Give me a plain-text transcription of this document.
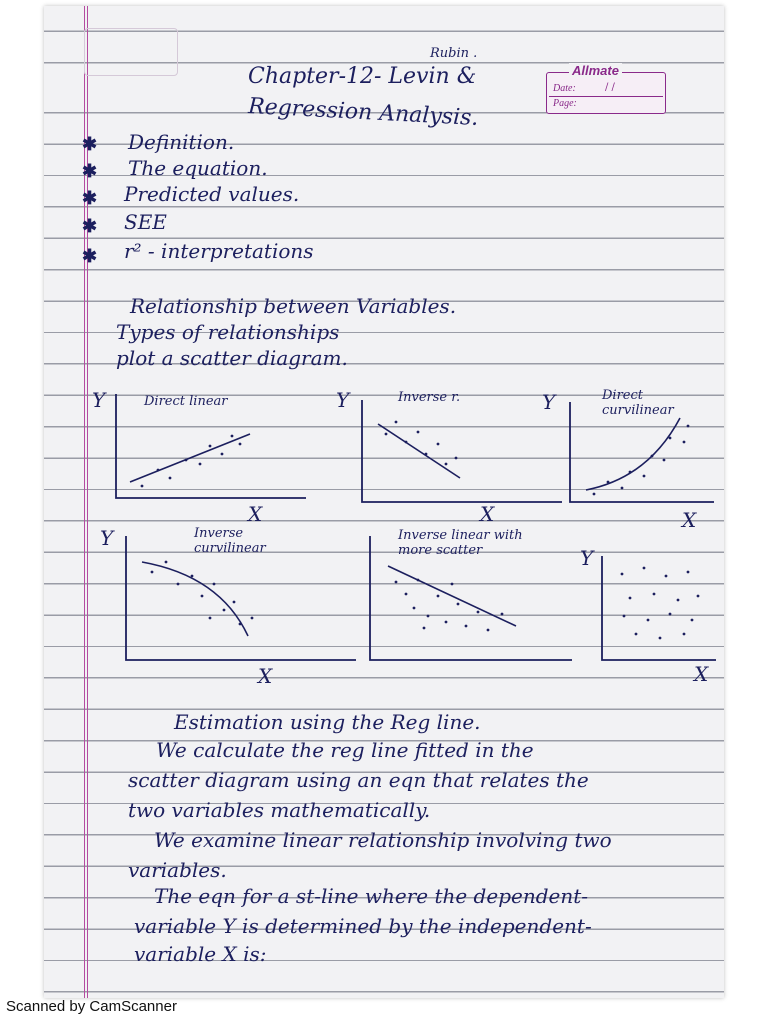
Allmate
Date:	/ /
Page:
Rubin .
Chapter-12- Levin &
Regression Analysis.
✱ Definition.
✱ The equation.
✱ Predicted values.
✱ SEE
✱ r² - interpretations
Relationship between Variables.
Types of relationships
plot a scatter diagram.
Y	Direct linear
X
Y	Inverse r.
X
Y	Direct curvilinear
X
Y	Inverse curvilinear
X
Inverse linear with more scatter	Y
X
Estimation using the Reg line.
We calculate the reg line fitted in the
scatter diagram using an eqn that relates the
two variables mathematically.
We examine linear relationship involving two
variables.
The eqn for a st-line where the dependent-
variable Y is determined by the independent-
variable X is:
Scanned by CamScanner
